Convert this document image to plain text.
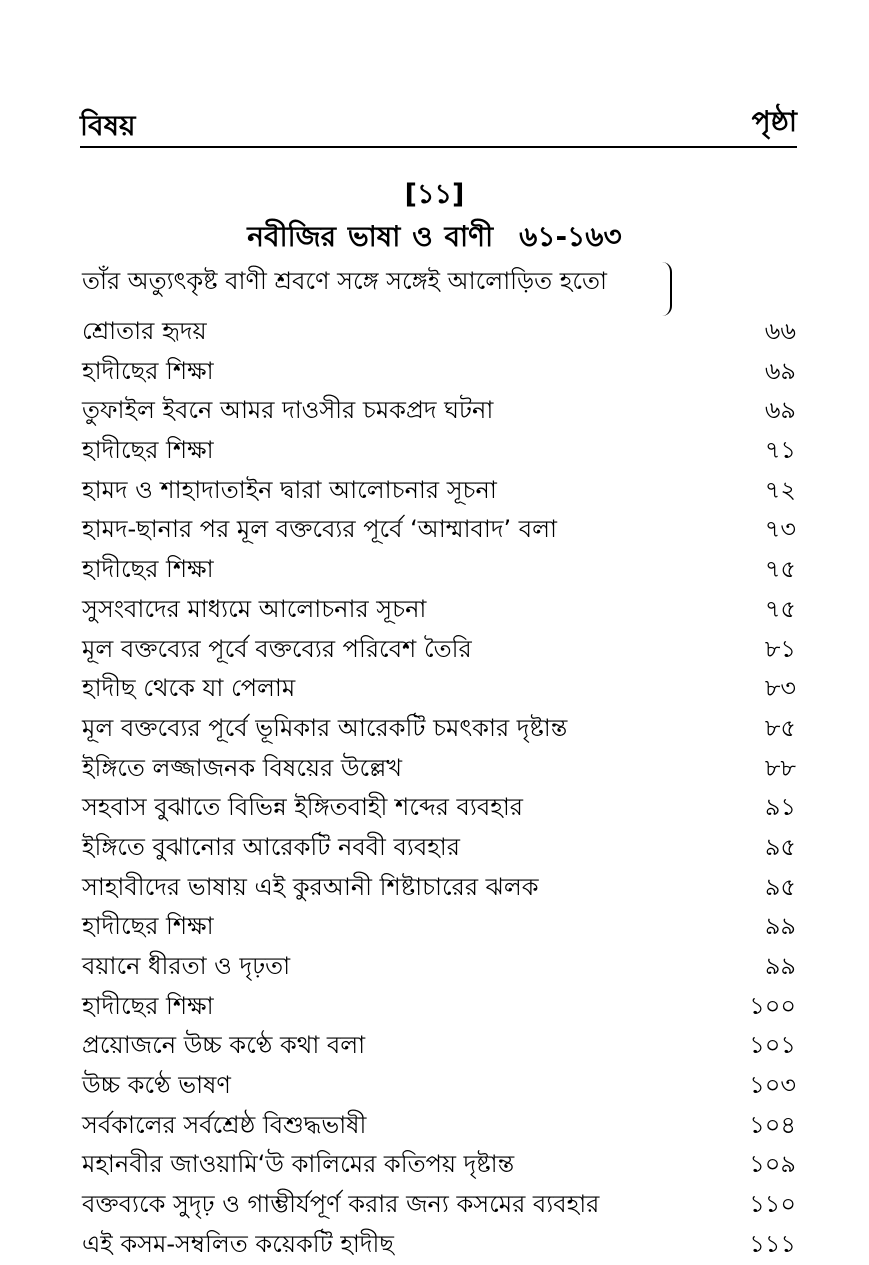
বিষয়	পৃষ্ঠা
[১১]
নবীজির ভাষা ও বাণী ৬১-১৬৩
তাঁর অত্যুৎকৃষ্ট বাণী শ্রবণে সঙ্গে সঙ্গেই আলোড়িত হতো
শ্রোতার হৃদয়	৬৬
হাদীছের শিক্ষা	৬৯
তুফাইল ইবনে আমর দাওসীর চমকপ্রদ ঘটনা	৬৯
হাদীছের শিক্ষা	৭১
হামদ ও শাহাদাতাইন দ্বারা আলোচনার সূচনা	৭২
হামদ-ছানার পর মূল বক্তব্যের পূর্বে ‘আম্মাবাদ’ বলা	৭৩
হাদীছের শিক্ষা	৭৫
সুসংবাদের মাধ্যমে আলোচনার সূচনা	৭৫
মূল বক্তব্যের পূর্বে বক্তব্যের পরিবেশ তৈরি	৮১
হাদীছ থেকে যা পেলাম	৮৩
মূল বক্তব্যের পূর্বে ভূমিকার আরেকটি চমৎকার দৃষ্টান্ত	৮৫
ইঙ্গিতে লজ্জাজনক বিষয়ের উল্লেখ	৮৮
সহবাস বুঝাতে বিভিন্ন ইঙ্গিতবাহী শব্দের ব্যবহার	৯১
ইঙ্গিতে বুঝানোর আরেকটি নববী ব্যবহার	৯৫
সাহাবীদের ভাষায় এই কুরআনী শিষ্টাচারের ঝলক	৯৫
হাদীছের শিক্ষা	৯৯
বয়ানে ধীরতা ও দৃঢ়তা	৯৯
হাদীছের শিক্ষা	১০০
প্রয়োজনে উচ্চ কণ্ঠে কথা বলা	১০১
উচ্চ কণ্ঠে ভাষণ	১০৩
সর্বকালের সর্বশ্রেষ্ঠ বিশুদ্ধভাষী	১০৪
মহানবীর জাওয়ামি‘উ কালিমের কতিপয় দৃষ্টান্ত	১০৯
বক্তব্যকে সুদৃঢ় ও গাম্ভীর্যপূর্ণ করার জন্য কসমের ব্যবহার	১১০
এই কসম-সম্বলিত কয়েকটি হাদীছ	১১১
